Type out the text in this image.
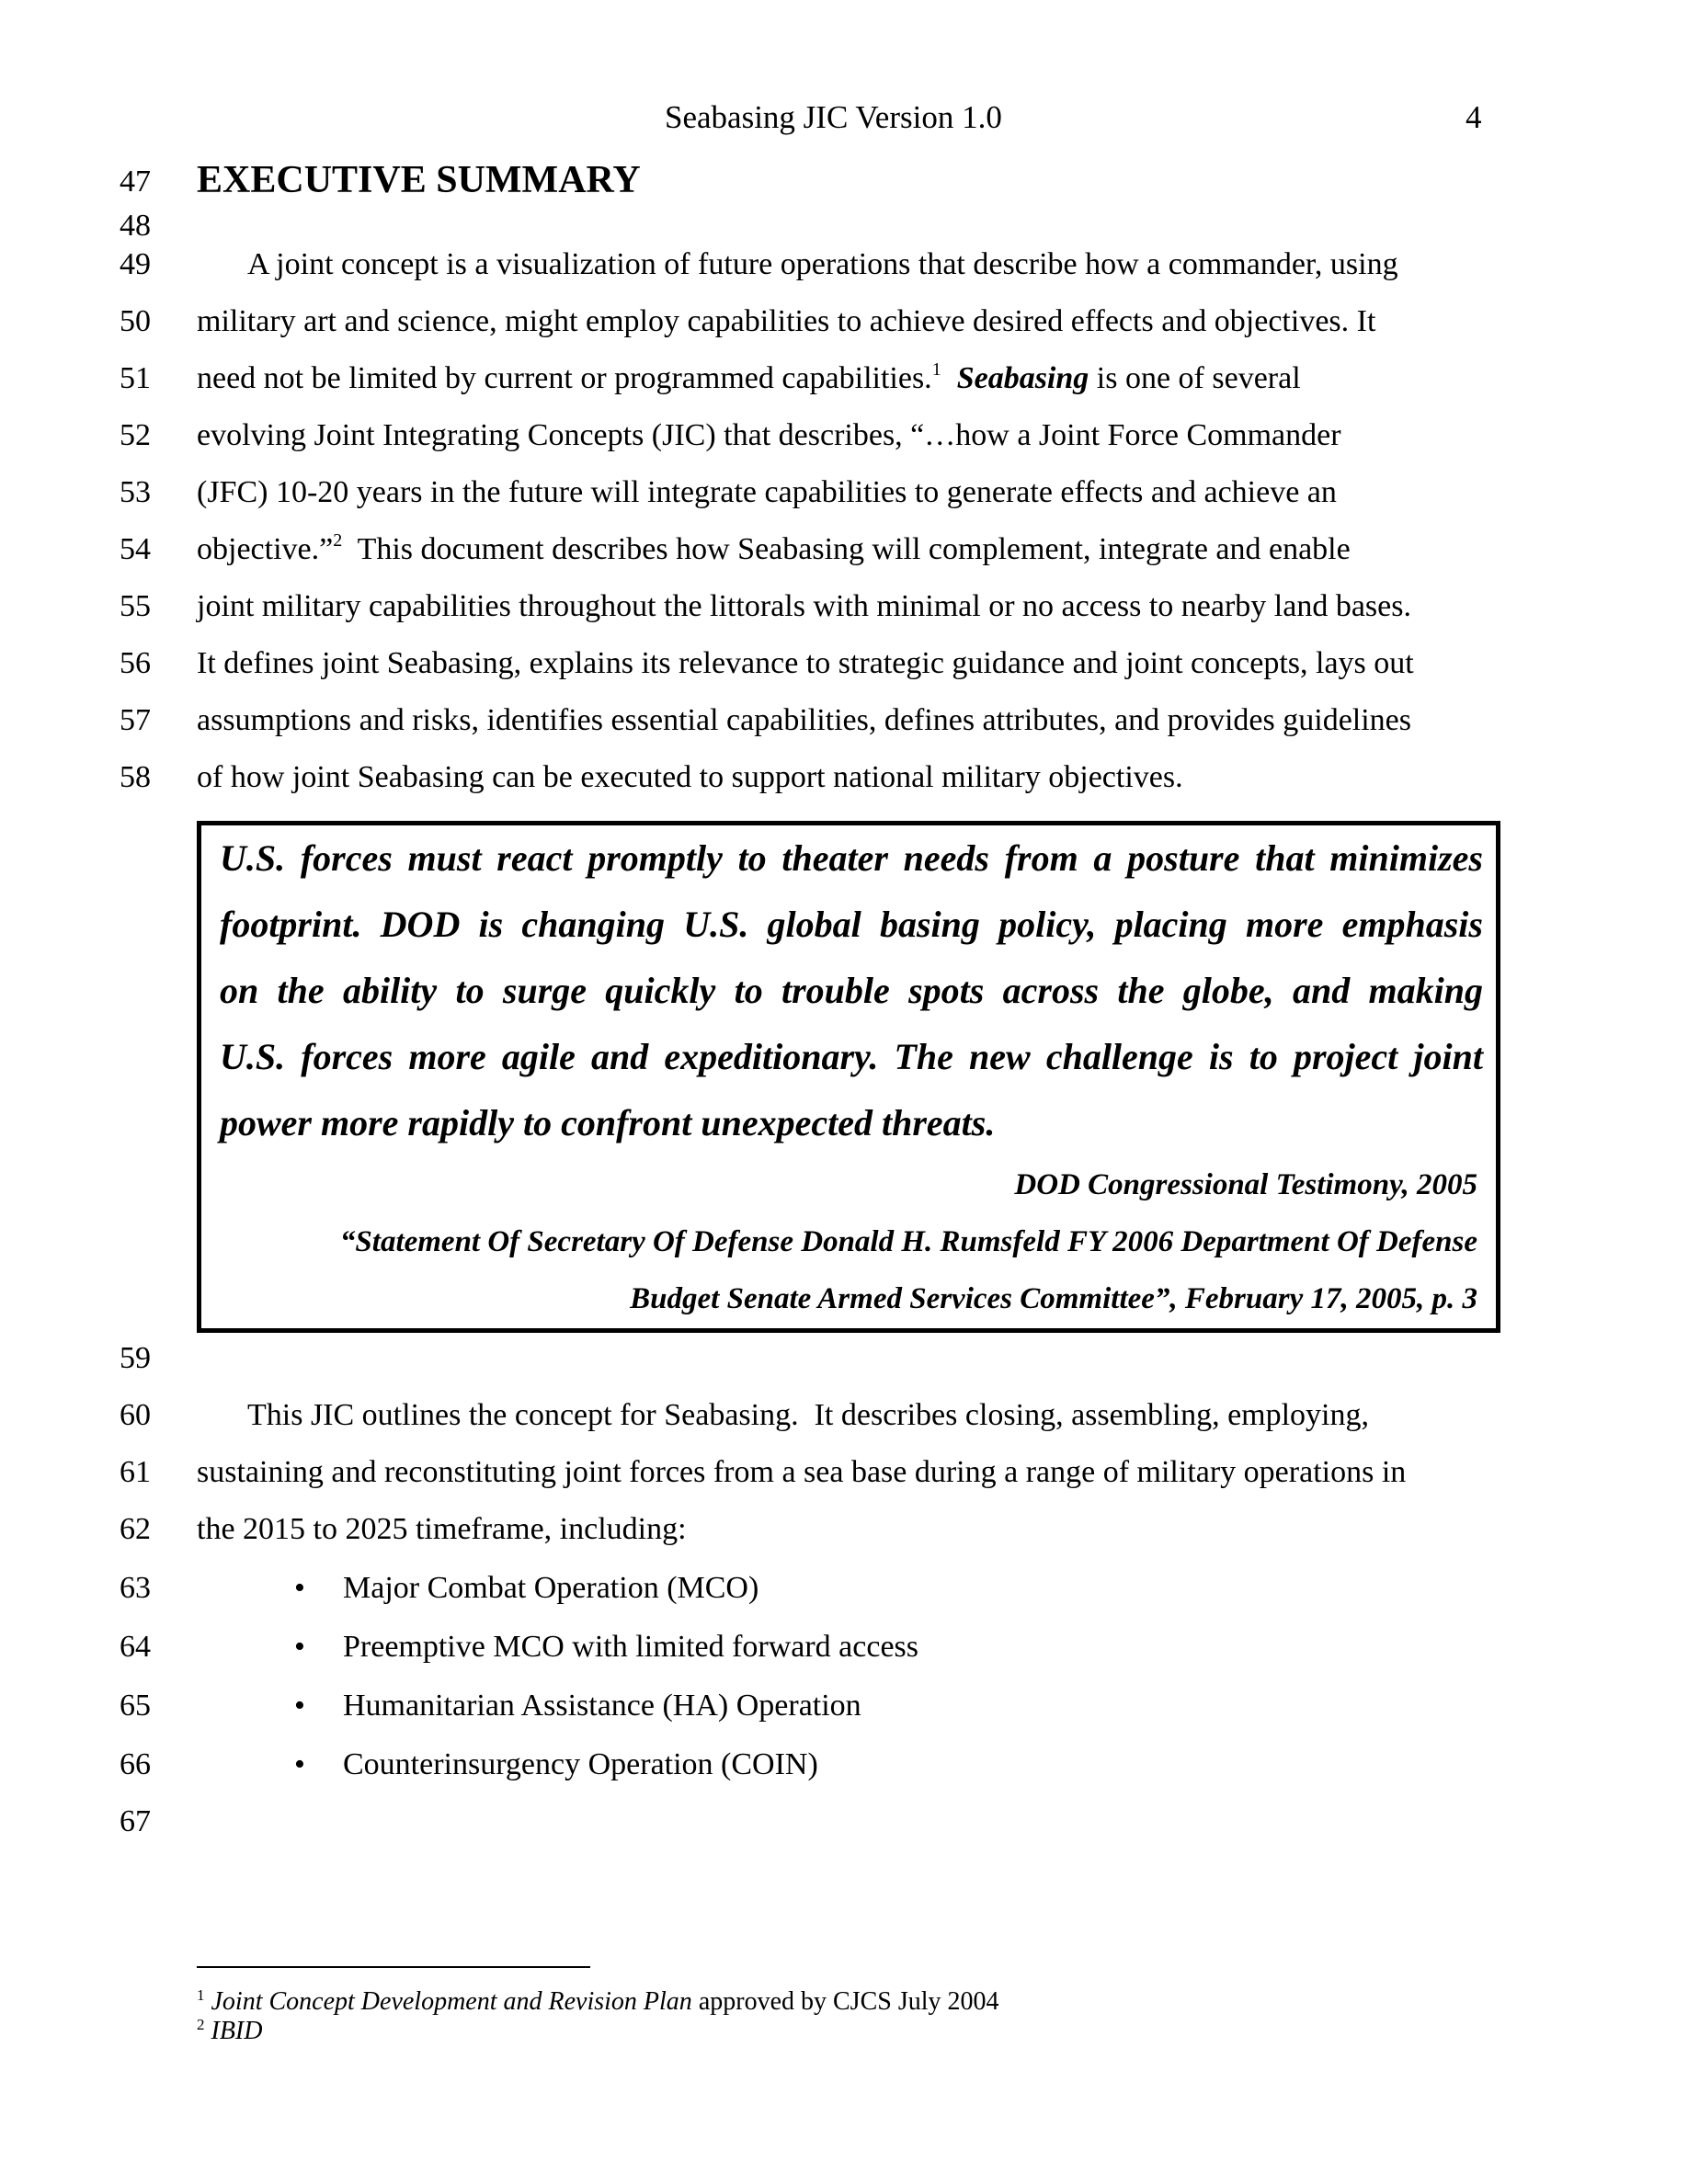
Seabasing JIC Version 1.0	4
47
48
49
50
51
52
53
54
55
56
57
58
59
60
61
62
63
64
65
66
67
EXECUTIVE SUMMARY
A joint concept is a visualization of future operations that describe how a commander, using
military art and science, might employ capabilities to achieve desired effects and objectives. It
need not be limited by current or programmed capabilities.$^1$ Seabasing is one of several
evolving Joint Integrating Concepts (JIC) that describes, “…how a Joint Force Commander
(JFC) 10-20 years in the future will integrate capabilities to generate effects and achieve an
objective.”$^2$  This document describes how Seabasing will complement, integrate and enable
joint military capabilities throughout the littorals with minimal or no access to nearby land bases.
It defines joint Seabasing, explains its relevance to strategic guidance and joint concepts, lays out
assumptions and risks, identifies essential capabilities, defines attributes, and provides guidelines
of how joint Seabasing can be executed to support national military objectives.
U.S. forces must react promptly to theater needs from a posture that minimizes
footprint. DOD is changing U.S. global basing policy, placing more emphasis
on the ability to surge quickly to trouble spots across the globe, and making
U.S. forces more agile and expeditionary. The new challenge is to project joint
power more rapidly to confront unexpected threats.
DOD Congressional Testimony, 2005
“Statement Of Secretary Of Defense Donald H. Rumsfeld FY 2006 Department Of Defense
Budget Senate Armed Services Committee”, February 17, 2005, p. 3
This JIC outlines the concept for Seabasing.  It describes closing, assembling, employing,
sustaining and reconstituting joint forces from a sea base during a range of military operations in
the 2015 to 2025 timeframe, including:
• Major Combat Operation (MCO)
• Preemptive MCO with limited forward access
• Humanitarian Assistance (HA) Operation
• Counterinsurgency Operation (COIN)
$^1$ Joint Concept Development and Revision Plan approved by CJCS July 2004
$^2$ IBID
